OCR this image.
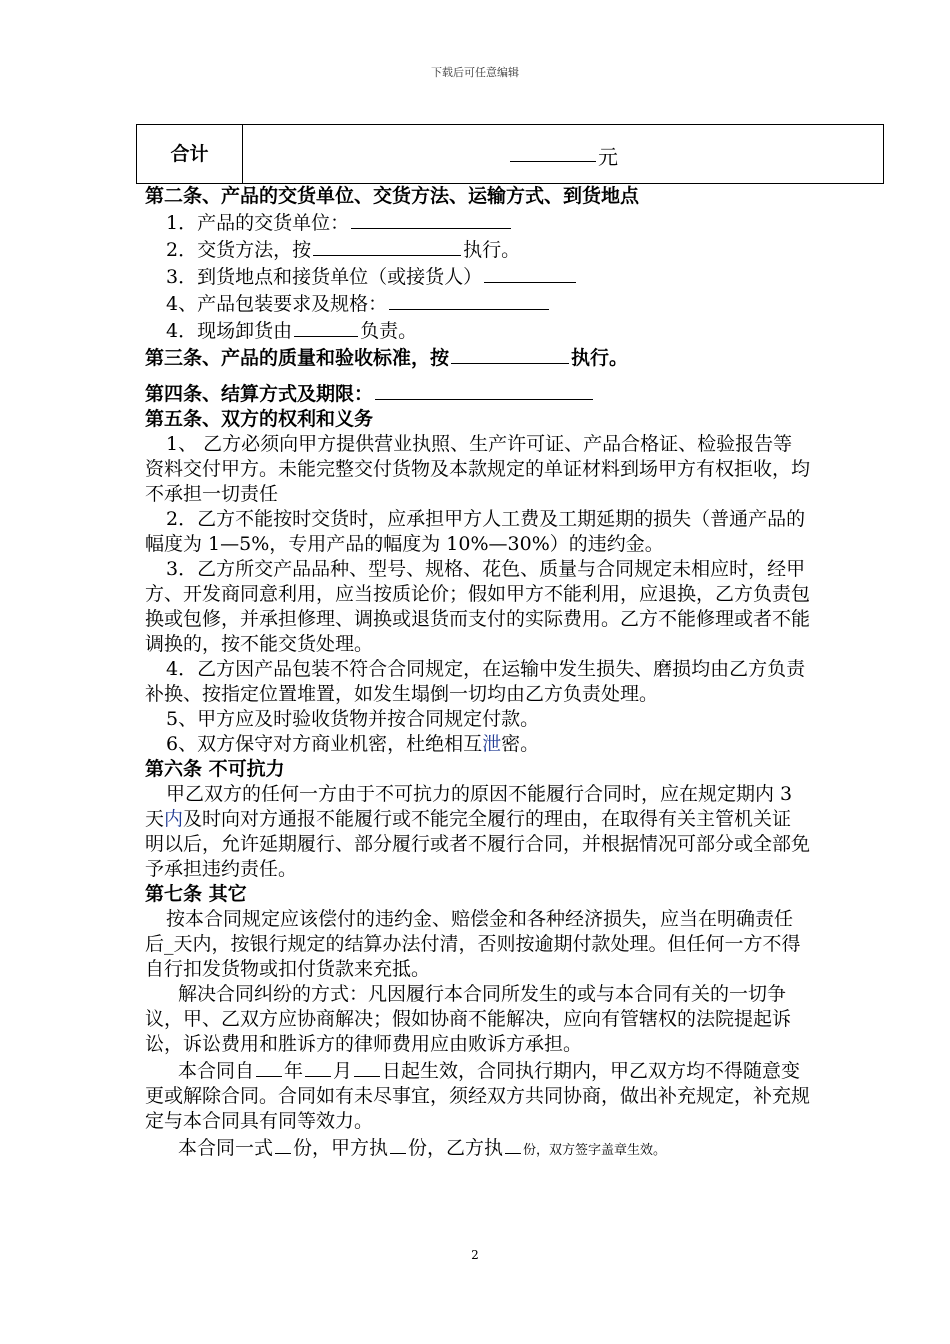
下载后可任意编辑
合计	元

第二条、产品的交货单位、交货方法、运输方式、到货地点

1．产品的交货单位：

2．交货方法，按	执行。

3．到货地点和接货单位（或接货人）

4、产品包装要求及规格：

4．现场卸货由	负责。

第三条、产品的质量和验收标准，按	执行。

第四条、结算方式及期限：

第五条、双方的权利和义务

1、 乙方必须向甲方提供营业执照、生产许可证、产品合格证、检验报告等资料交付甲方。未能完整交付货物及本款规定的单证材料到场甲方有权拒收，均不承担一切责任

2．乙方不能按时交货时，应承担甲方人工费及工期延期的损失（普通产品的幅度为 1—5%，专用产品的幅度为 10%—30%）的违约金。

3．乙方所交产品品种、型号、规格、花色、质量与合同规定未相应时，经甲方、开发商同意利用，应当按质论价；假如甲方不能利用，应退换，乙方负责包换或包修，并承担修理、调换或退货而支付的实际费用。乙方不能修理或者不能调换的，按不能交货处理。

4．乙方因产品包装不符合合同规定，在运输中发生损失、磨损均由乙方负责补换、按指定位置堆置，如发生塌倒一切均由乙方负责处理。

5、甲方应及时验收货物并按合同规定付款。

6、双方保守对方商业机密，杜绝相互泄密。

第六条 不可抗力

甲乙双方的任何一方由于不可抗力的原因不能履行合同时，应在规定期内 3 天内及时向对方通报不能履行或不能完全履行的理由，在取得有关主管机关证明以后，允许延期履行、部分履行或者不履行合同，并根据情况可部分或全部免予承担违约责任。

第七条 其它

按本合同规定应该偿付的违约金、赔偿金和各种经济损失，应当在明确责任后_天内，按银行规定的结算办法付清，否则按逾期付款处理。但任何一方不得自行扣发货物或扣付货款来充抵。

解决合同纠纷的方式：凡因履行本合同所发生的或与本合同有关的一切争议，甲、乙双方应协商解决；假如协商不能解决，应向有管辖权的法院提起诉讼，诉讼费用和胜诉方的律师费用应由败诉方承担。

本合同自 年 月 日起生效，合同执行期内，甲乙双方均不得随意变更或解除合同。合同如有未尽事宜，须经双方共同协商，做出补充规定，补充规定与本合同具有同等效力。

本合同一式 份，甲方执 份，乙方执 份，双方签字盖章生效。

2
